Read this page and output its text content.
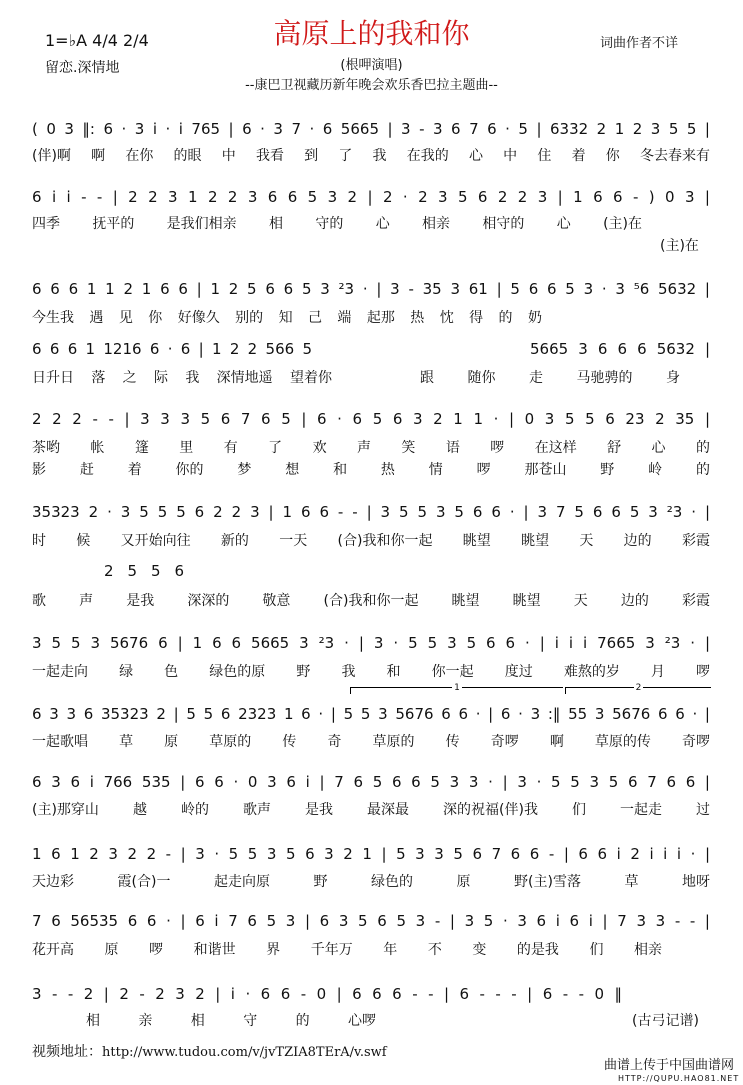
1=♭A 4/4 2/4
留恋.深情地
高原上的我和你	词曲作者不详
(根呷演唱)
--康巴卫视藏历新年晚会欢乐香巴拉主题曲--
( 0 3 ‖: 6 · 3 i · i 765 | 6 · 3 7 · 6 5665 | 3 - 3 6 7 6 · 5 | 6332 2 1 2 3 5 5 |
(伴)啊 啊 在你 的眼 中 我看 到 了 我 在我的 心 中 住 着 你 冬去春来有
6 i i - - | 2 2 3 1 2 2 3 6 6 5 3 2 | 2 · 2 3 5 6 2 2 3 | 1 6 6 - ) 0 3 |
四季 抚平的 是我们相亲 相 守的 心 相亲 相守的 心 (主)在
(主)在
6 6 6 1 1 2 1 6 6 | 1 2 5 6 6 5 3 ²3 · | 3 - 35 3 61 | 5 6 6 5 3 · 3 ⁵6 5632 |
今生我 遇 见 你 好像久 别的 知 己 端 起那 热 忱 得 的 奶
6 6 6 1 1216 6 · 6 | 1 2 2 566 5	5665 3 6 6 6 5632 |
日升日 落 之 际 我 深情地遥 望着你	跟 随你 走 马驰骋的 身
2 2 2 - - | 3 3 3 5 6 7 6 5 | 6 · 6 5 6 3 2 1 1 · | 0 3 5 5 6 23 2 35 |
茶哟 帐 篷 里 有 了 欢 声 笑 语 啰 在这样 舒 心 的
影 赶 着 你的 梦 想 和 热 情 啰 那苍山 野 岭 的
35323 2 · 3 5 5 5 6 2 2 3 | 1 6 6 - - | 3 5 5 3 5 6 6 · | 3 7 5 6 6 5 3 ²3 · |
时 候 又开始向往 新的 一天 (合)我和你一起 眺望 眺望 天 边的 彩霞
2 5 5 6
歌 声 是我 深深的 敬意 (合)我和你一起 眺望 眺望 天 边的 彩霞
3 5 5 3 5676 6 | 1 6 6 5665 3 ²3 · | 3 · 5 5 3 5 6 6 · | i i i 7665 3 ²3 · |
一起走向 绿 色 绿色的原 野 我 和 你一起 度过 难熬的岁 月 啰
1	2
6 3 3 6 35323 2 | 5 5 6 2323 1 6 · | 5 5 3 5676 6 6 · | 6 · 3 :‖ 55 3 5676 6 6 · |
一起歌唱 草 原 草原的 传 奇 草原的 传 奇啰 啊 草原的传 奇啰
6 3 6 i 766 535 | 6 6 · 0 3 6 i | 7 6 5 6 6 5 3 3 · | 3 · 5 5 3 5 6 7 6 6 |
(主)那穿山 越 岭的 歌声 是我 最深最 深的祝福(伴)我 们 一起走 过
1 6 1 2 3 2 2 - | 3 · 5 5 3 5 6 3 2 1 | 5 3 3 5 6 7 6 6 - | 6 6 i 2 i i i · |
天边彩 霞(合)一 起走向原 野 绿色的 原 野(主)雪落 草 地呀
7 6 56535 6 6 · | 6 i 7 6 5 3 | 6 3 5 6 5 3 - | 3 5 · 3 6 i 6 i | 7 3 3 - - |
花开高 原 啰 和谐世 界 千年万 年 不 变 的是我 们 相亲
3 - - 2 | 2 - 2 3 2 | i · 6 6 - 0 | 6 6 6 - - | 6 - - - | 6 - - 0 ‖
相 亲 相 守 的 心啰	(古弓记谱)
视频地址：http://www.tudou.com/v/jvTZIA8TErA/v.swf
曲谱上传于中国曲谱网
HTTP://QUPU.HAO81.NET
